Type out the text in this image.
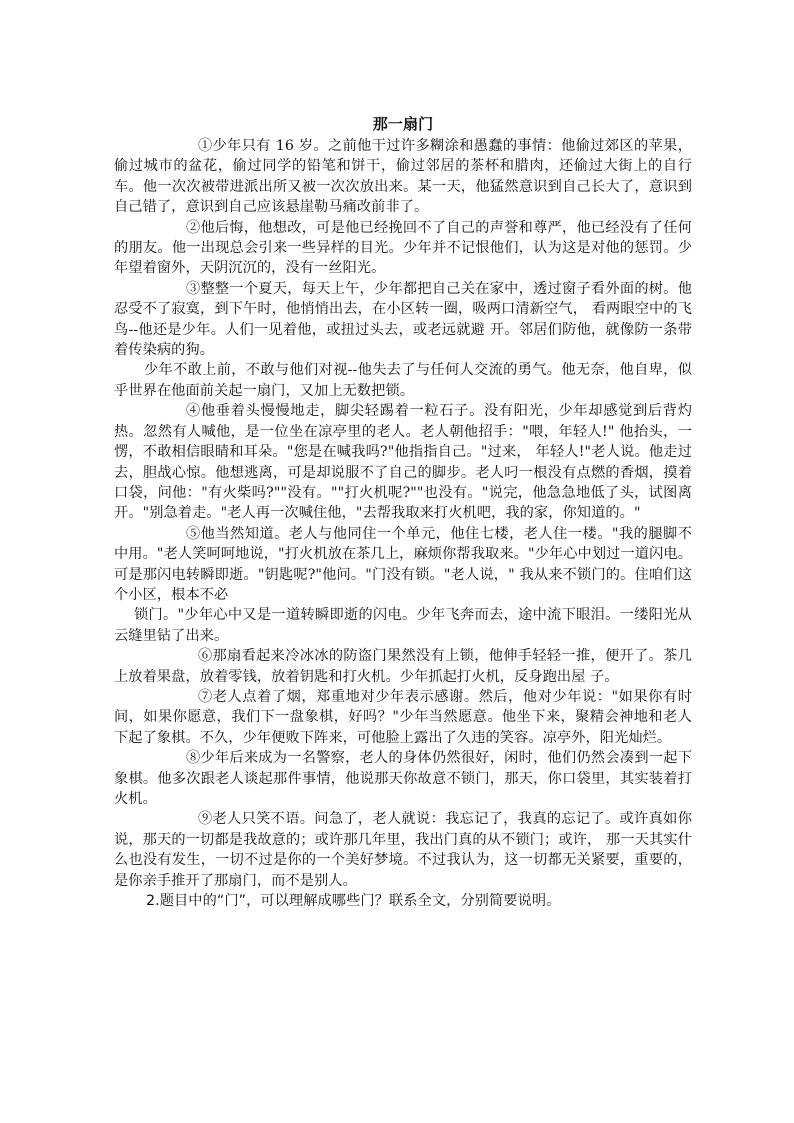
那一扇门

①少年只有 16 岁。之前他干过许多糊涂和愚蠢的事情：他偷过郊区的苹果，偷过城市的盆花，偷过同学的铅笔和饼干，偷过邻居的茶杯和腊肉，还偷过大街上的自行车。他一次次被带进派出所又被一次次放出来。某一天，他猛然意识到自己长大了，意识到自己错了，意识到自己应该悬崖勒马痛改前非了。

②他后悔，他想改，可是他已经挽回不了自己的声誉和尊严，他已经没有了任何的朋友。他一出现总会引来一些异样的目光。少年并不记恨他们，认为这是对他的惩罚。少年望着窗外，天阴沉沉的，没有一丝阳光。

③整整一个夏天，每天上午，少年都把自己关在家中，透过窗子看外面的树。他忍受不了寂寞，到下午时，他悄悄出去，在小区转一圈，吸两口清新空气， 看两眼空中的飞鸟--他还是少年。人们一见着他，或扭过头去，或老远就避 开。邻居们防他，就像防一条带着传染病的狗。

少年不敢上前，不敢与他们对视--他失去了与任何人交流的勇气。他无奈，他自卑，似乎世界在他面前关起一扇门，又加上无数把锁。

④他垂着头慢慢地走，脚尖轻踢着一粒石子。没有阳光，少年却感觉到后背灼热。忽然有人喊他，是一位坐在凉亭里的老人。老人朝他招手："喂，年轻人!" 他抬头，一愣，不敢相信眼睛和耳朵。"您是在喊我吗?"他指指自己。"过来， 年轻人!"老人说。他走过去，胆战心惊。他想逃离，可是却说服不了自己的脚步。老人叼一根没有点燃的香烟，摸着口袋，问他："有火柴吗?""没有。""打火机呢?""也没有。"说完，他急急地低了头，试图离开。"别急着走。"老人再一次喊住他，"去帮我取来打火机吧，我的家，你知道的。"

⑤他当然知道。老人与他同住一个单元，他住七楼，老人住一楼。"我的腿脚不中用。"老人笑呵呵地说，"打火机放在茶几上，麻烦你帮我取来。"少年心中划过一道闪电。可是那闪电转瞬即逝。"钥匙呢?"他问。"门没有锁。"老人说，" 我从来不锁门的。住咱们这个小区，根本不必

锁门。"少年心中又是一道转瞬即逝的闪电。少年飞奔而去，途中流下眼泪。一缕阳光从云缝里钻了出来。

⑥那扇看起来冷冰冰的防盗门果然没有上锁，他伸手轻轻一推，便开了。茶几上放着果盘，放着零钱，放着钥匙和打火机。少年抓起打火机，反身跑出屋 子。

⑦老人点着了烟，郑重地对少年表示感谢。然后，他对少年说："如果你有时间，如果你愿意，我们下一盘象棋，好吗？"少年当然愿意。他坐下来，聚精会神地和老人下起了象棋。不久，少年便败下阵来，可他脸上露出了久违的笑容。凉亭外，阳光灿烂。

⑧少年后来成为一名警察，老人的身体仍然很好，闲时，他们仍然会凑到一起下象棋。他多次跟老人谈起那件事情，他说那天你故意不锁门，那天，你口袋里，其实装着打火机。

⑨老人只笑不语。问急了，老人就说：我忘记了，我真的忘记了。或许真如你说，那天的一切都是我故意的；或许那几年里，我出门真的从不锁门；或许， 那一天其实什么也没有发生，一切不过是你的一个美好梦境。不过我认为，这一切都无关紧要，重要的，是你亲手推开了那扇门，而不是别人。

2.题目中的“门”，可以理解成哪些门？联系全文，分别简要说明。
